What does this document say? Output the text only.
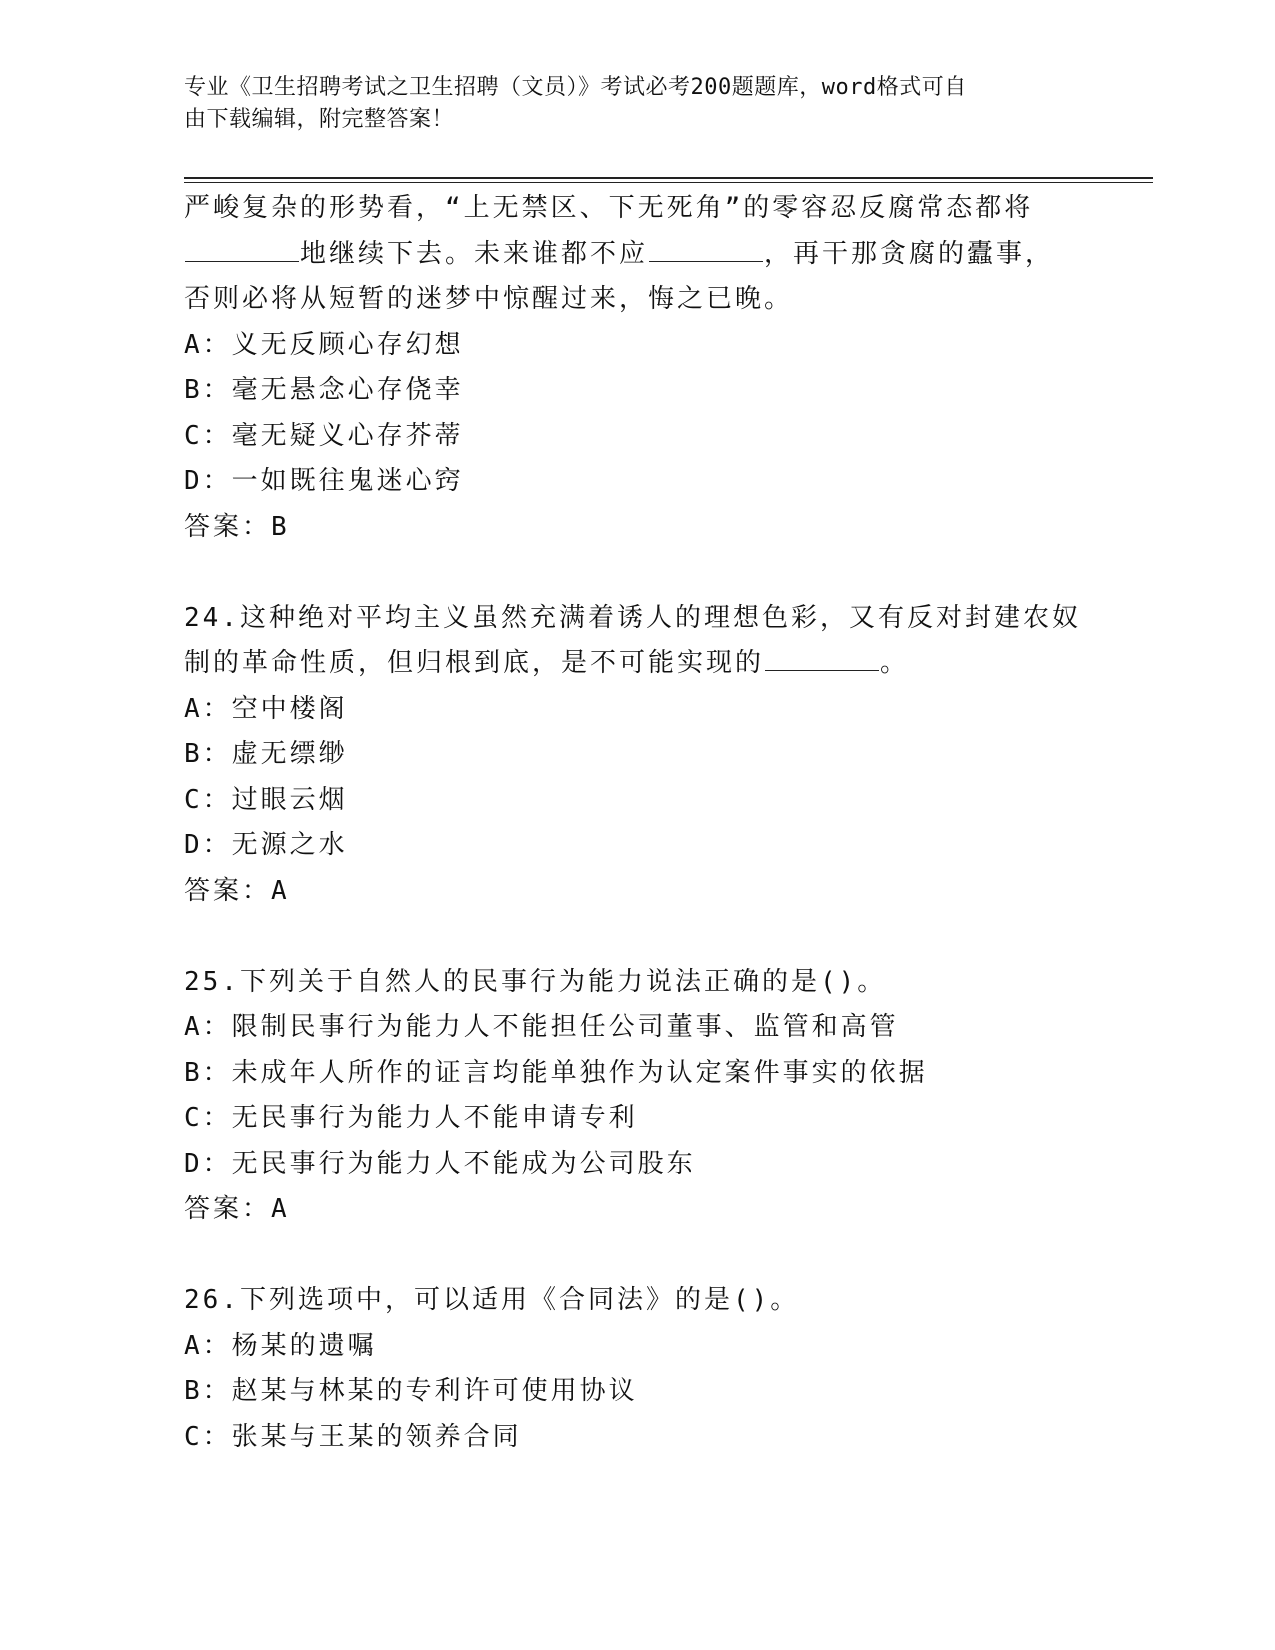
专业《卫生招聘考试之卫生招聘（文员）》考试必考200题题库，word格式可自
由下载编辑，附完整答案！
严峻复杂的形势看，“上无禁区、下无死角”的零容忍反腐常态都将
地继续下去。未来谁都不应	，再干那贪腐的蠹事，
否则必将从短暂的迷梦中惊醒过来，悔之已晚。
A：义无反顾心存幻想
B：毫无悬念心存侥幸
C：毫无疑义心存芥蒂
D：一如既往鬼迷心窍
答案：B
24.这种绝对平均主义虽然充满着诱人的理想色彩，又有反对封建农奴
制的革命性质，但归根到底，是不可能实现的	。
A：空中楼阁
B：虚无缥缈
C：过眼云烟
D：无源之水
答案：A
25.下列关于自然人的民事行为能力说法正确的是()。
A：限制民事行为能力人不能担任公司董事、监管和高管
B：未成年人所作的证言均能单独作为认定案件事实的依据
C：无民事行为能力人不能申请专利
D：无民事行为能力人不能成为公司股东
答案：A
26.下列选项中，可以适用《合同法》的是()。
A：杨某的遗嘱
B：赵某与林某的专利许可使用协议
C：张某与王某的领养合同
